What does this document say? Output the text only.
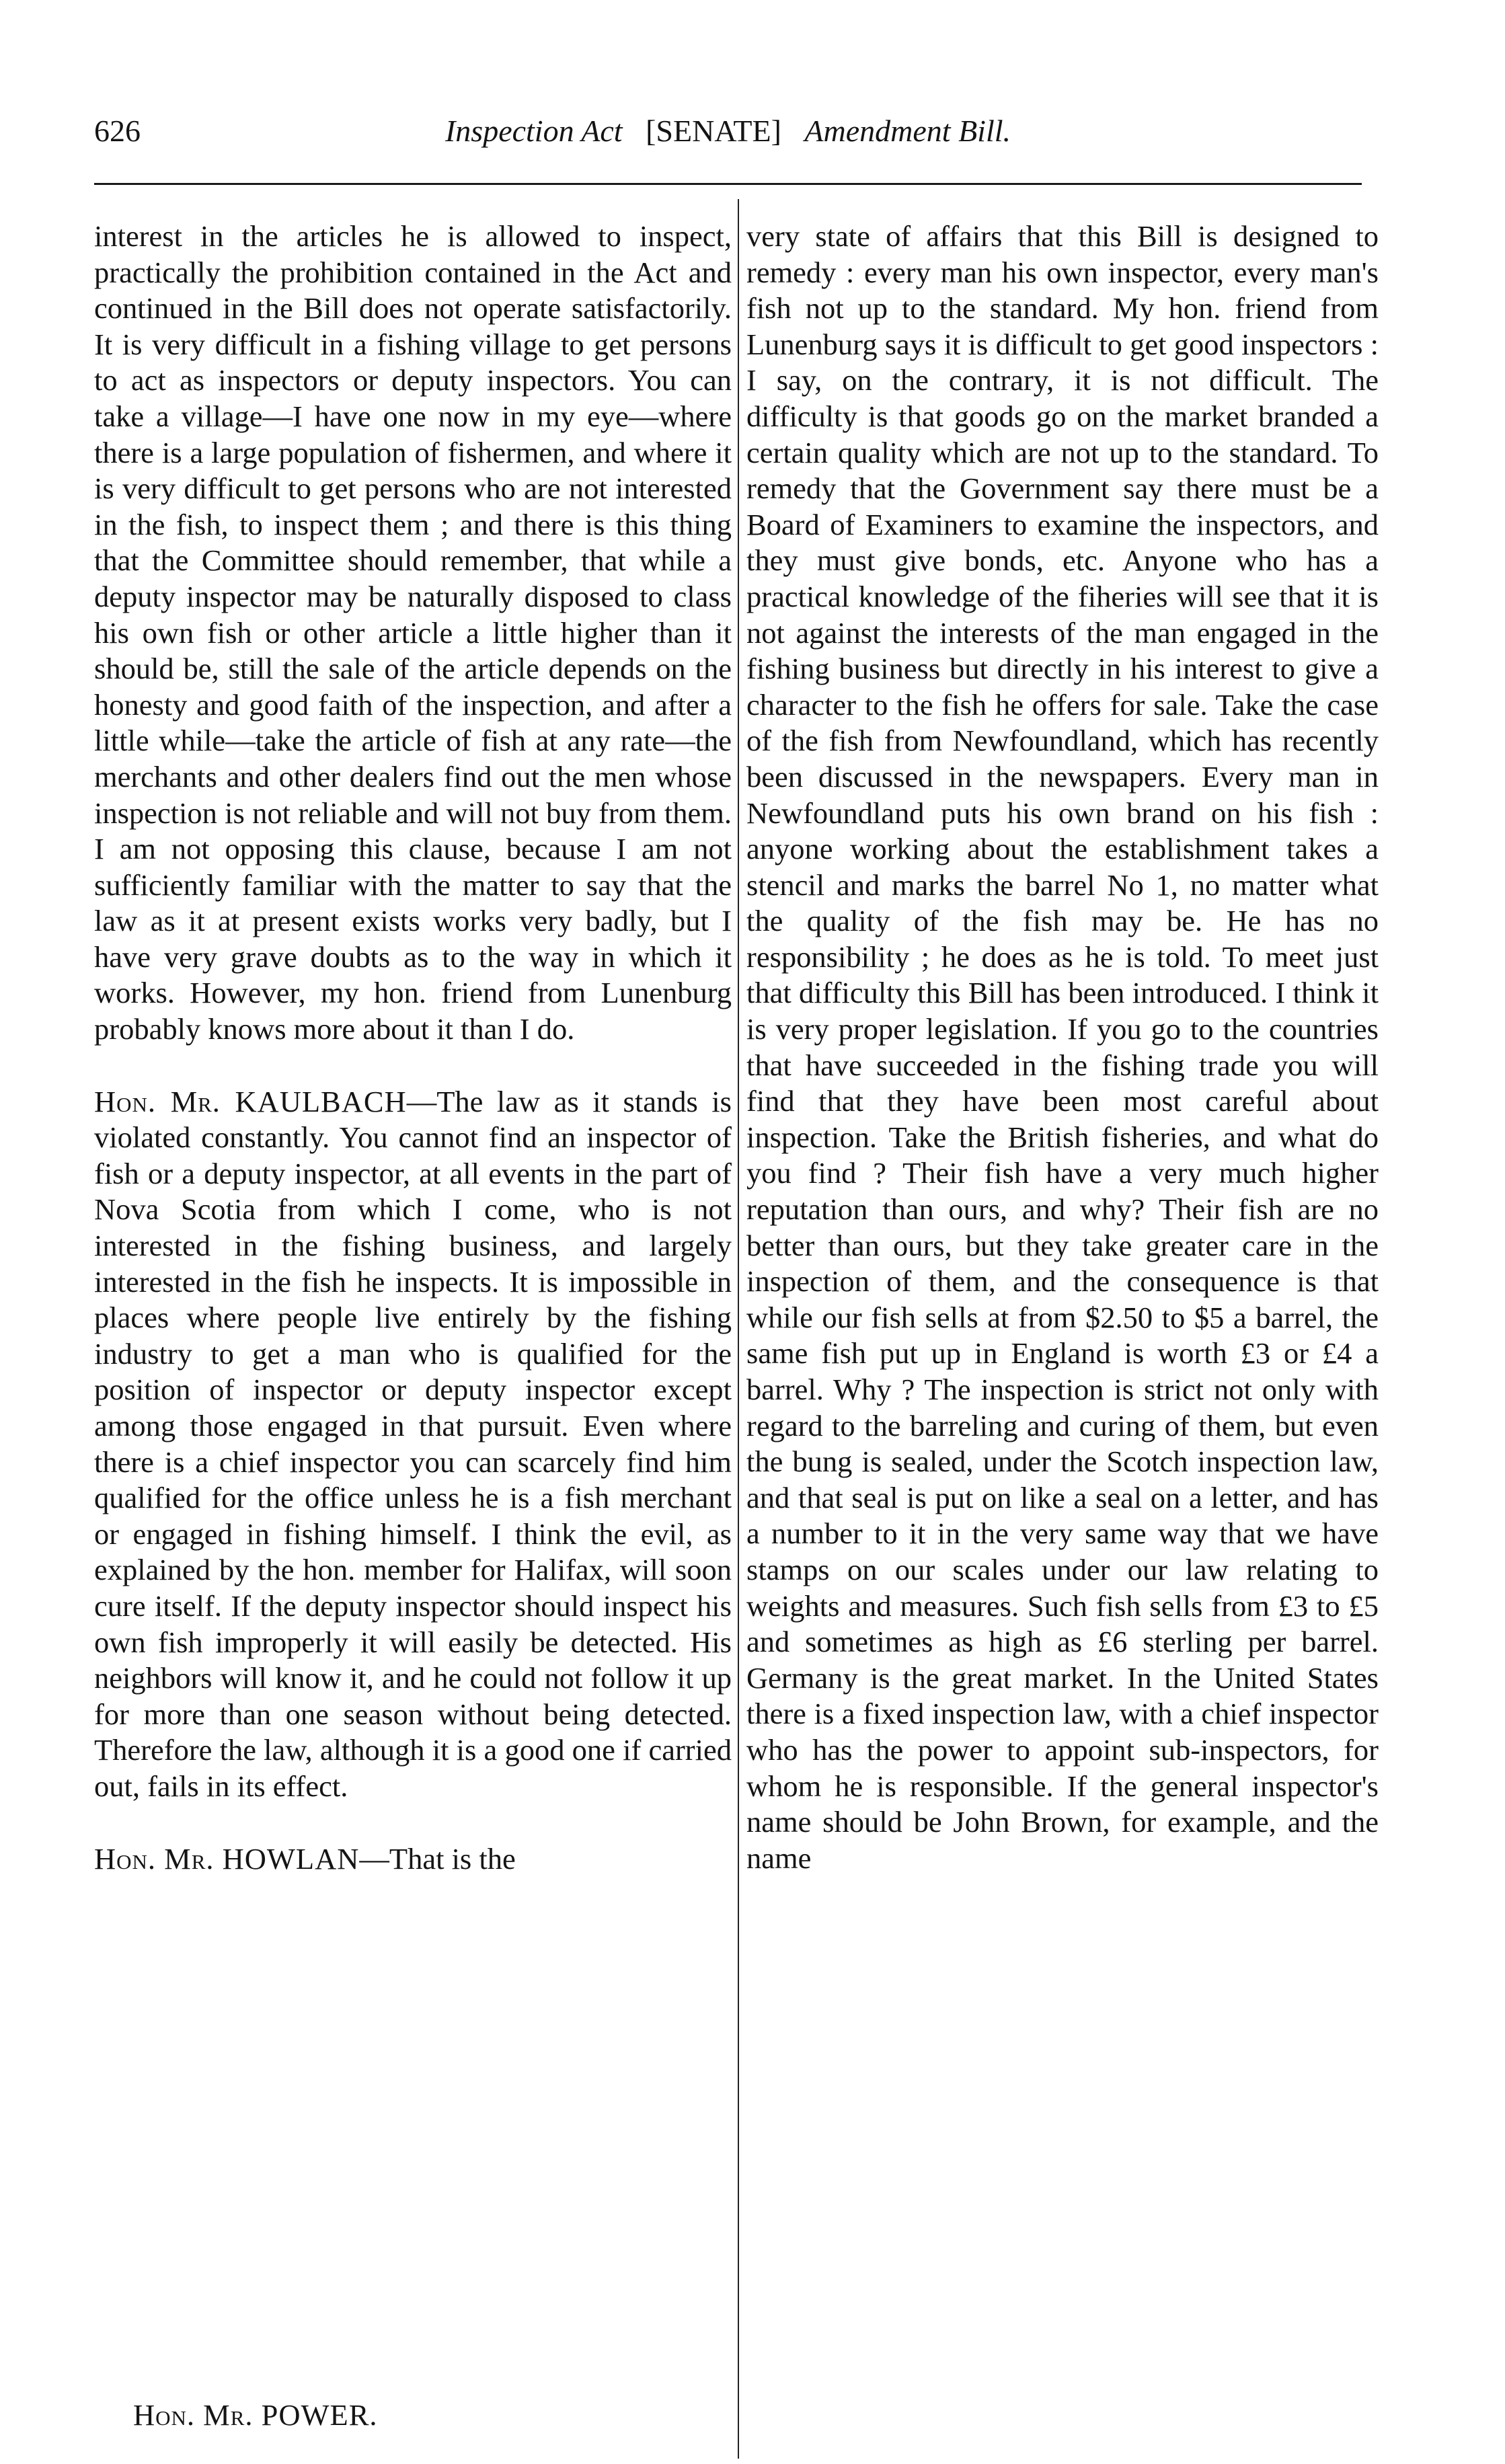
626	Inspection Act [SENATE] Amendment Bill.

interest in the articles he is allowed to inspect, practically the prohibition contained in the Act and continued in the Bill does not operate satisfactorily. It is very difficult in a fishing village to get persons to act as inspectors or deputy inspectors. You can take a village—I have one now in my eye—where there is a large population of fishermen, and where it is very difficult to get persons who are not interested in the fish, to inspect them ; and there is this thing that the Committee should remember, that while a deputy inspector may be naturally disposed to class his own fish or other article a little higher than it should be, still the sale of the article depends on the honesty and good faith of the inspection, and after a little while—take the article of fish at any rate—the merchants and other dealers find out the men whose inspection is not reliable and will not buy from them. I am not opposing this clause, because I am not sufficiently familiar with the matter to say that the law as it at present exists works very badly, but I have very grave doubts as to the way in which it works. However, my hon. friend from Lunenburg probably knows more about it than I do.

Hon. Mr. KAULBACH—The law as it stands is violated constantly. You cannot find an inspector of fish or a deputy inspector, at all events in the part of Nova Scotia from which I come, who is not interested in the fishing business, and largely interested in the fish he inspects. It is impossible in places where people live entirely by the fishing industry to get a man who is qualified for the position of inspector or deputy inspector except among those engaged in that pursuit. Even where there is a chief inspector you can scarcely find him qualified for the office unless he is a fish merchant or engaged in fishing himself. I think the evil, as explained by the hon. member for Halifax, will soon cure itself. If the deputy inspector should inspect his own fish improperly it will easily be detected. His neighbors will know it, and he could not follow it up for more than one season without being detected. Therefore the law, although it is a good one if carried out, fails in its effect.

Hon. Mr. HOWLAN—That is the

very state of affairs that this Bill is designed to remedy : every man his own inspector, every man's fish not up to the standard. My hon. friend from Lunenburg says it is difficult to get good inspectors : I say, on the contrary, it is not difficult. The difficulty is that goods go on the market branded a certain quality which are not up to the standard. To remedy that the Government say there must be a Board of Examiners to examine the inspectors, and they must give bonds, etc. Anyone who has a practical knowledge of the fiheries will see that it is not against the interests of the man engaged in the fishing business but directly in his interest to give a character to the fish he offers for sale. Take the case of the fish from Newfoundland, which has recently been discussed in the newspapers. Every man in Newfoundland puts his own brand on his fish : anyone working about the establishment takes a stencil and marks the barrel No 1, no matter what the quality of the fish may be. He has no responsibility ; he does as he is told. To meet just that difficulty this Bill has been introduced. I think it is very proper legislation. If you go to the countries that have succeeded in the fishing trade you will find that they have been most careful about inspection. Take the British fisheries, and what do you find ? Their fish have a very much higher reputation than ours, and why? Their fish are no better than ours, but they take greater care in the inspection of them, and the consequence is that while our fish sells at from $2.50 to $5 a barrel, the same fish put up in England is worth £3 or £4 a barrel. Why ? The inspection is strict not only with regard to the barreling and curing of them, but even the bung is sealed, under the Scotch inspection law, and that seal is put on like a seal on a letter, and has a number to it in the very same way that we have stamps on our scales under our law relating to weights and measures. Such fish sells from £3 to £5 and sometimes as high as £6 sterling per barrel. Germany is the great market. In the United States there is a fixed inspection law, with a chief inspector who has the power to appoint sub-inspectors, for whom he is responsible. If the general inspector's name should be John Brown, for example, and the name

Hon. Mr. POWER.
